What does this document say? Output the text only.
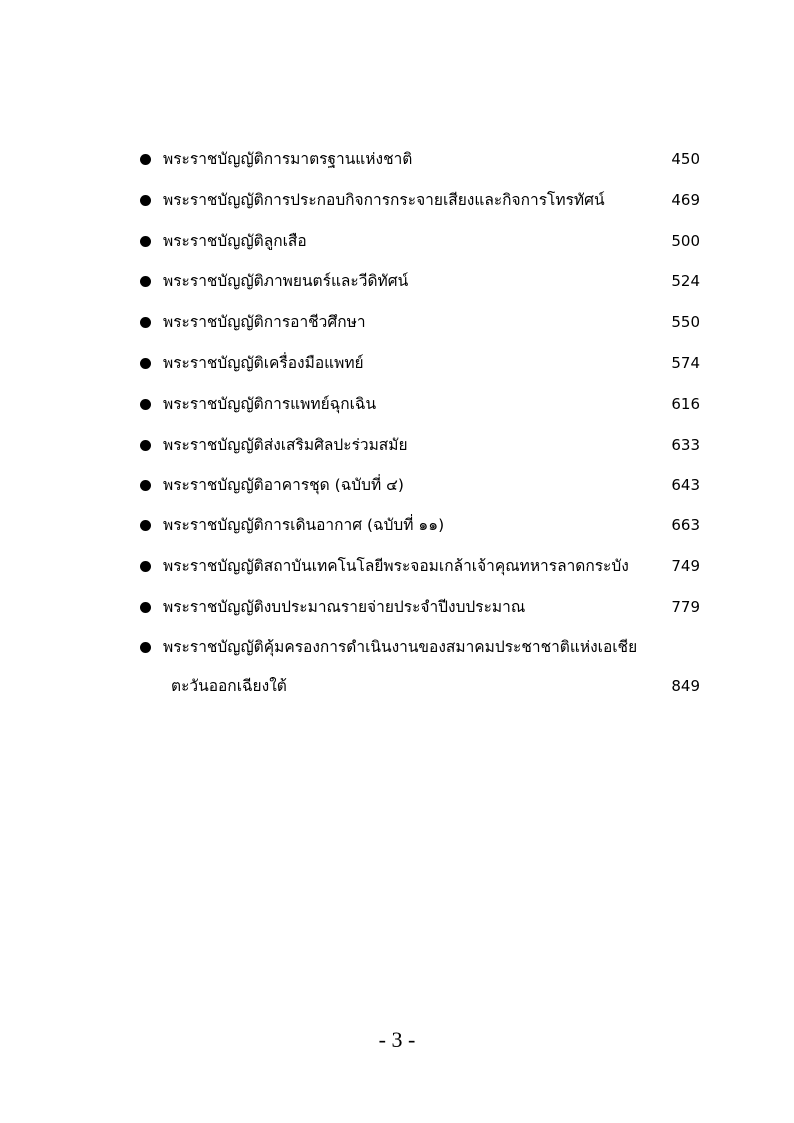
พระราชบัญญัติการมาตรฐานแห่งชาติ	450
พระราชบัญญัติการประกอบกิจการกระจายเสียงและกิจการโทรทัศน์	469
พระราชบัญญัติลูกเสือ	500
พระราชบัญญัติภาพยนตร์และวีดิทัศน์	524
พระราชบัญญัติการอาชีวศึกษา	550
พระราชบัญญัติเครื่องมือแพทย์	574
พระราชบัญญัติการแพทย์ฉุกเฉิน	616
พระราชบัญญัติส่งเสริมศิลปะร่วมสมัย	633
พระราชบัญญัติอาคารชุด (ฉบับที่ ๔)	643
พระราชบัญญัติการเดินอากาศ (ฉบับที่ ๑๑)	663
พระราชบัญญัติสถาบันเทคโนโลยีพระจอมเกล้าเจ้าคุณทหารลาดกระบัง	749
พระราชบัญญัติงบประมาณรายจ่ายประจำปีงบประมาณ	779
พระราชบัญญัติคุ้มครองการดำเนินงานของสมาคมประชาชาติแห่งเอเชีย
ตะวันออกเฉียงใต้	849
- 3 -
